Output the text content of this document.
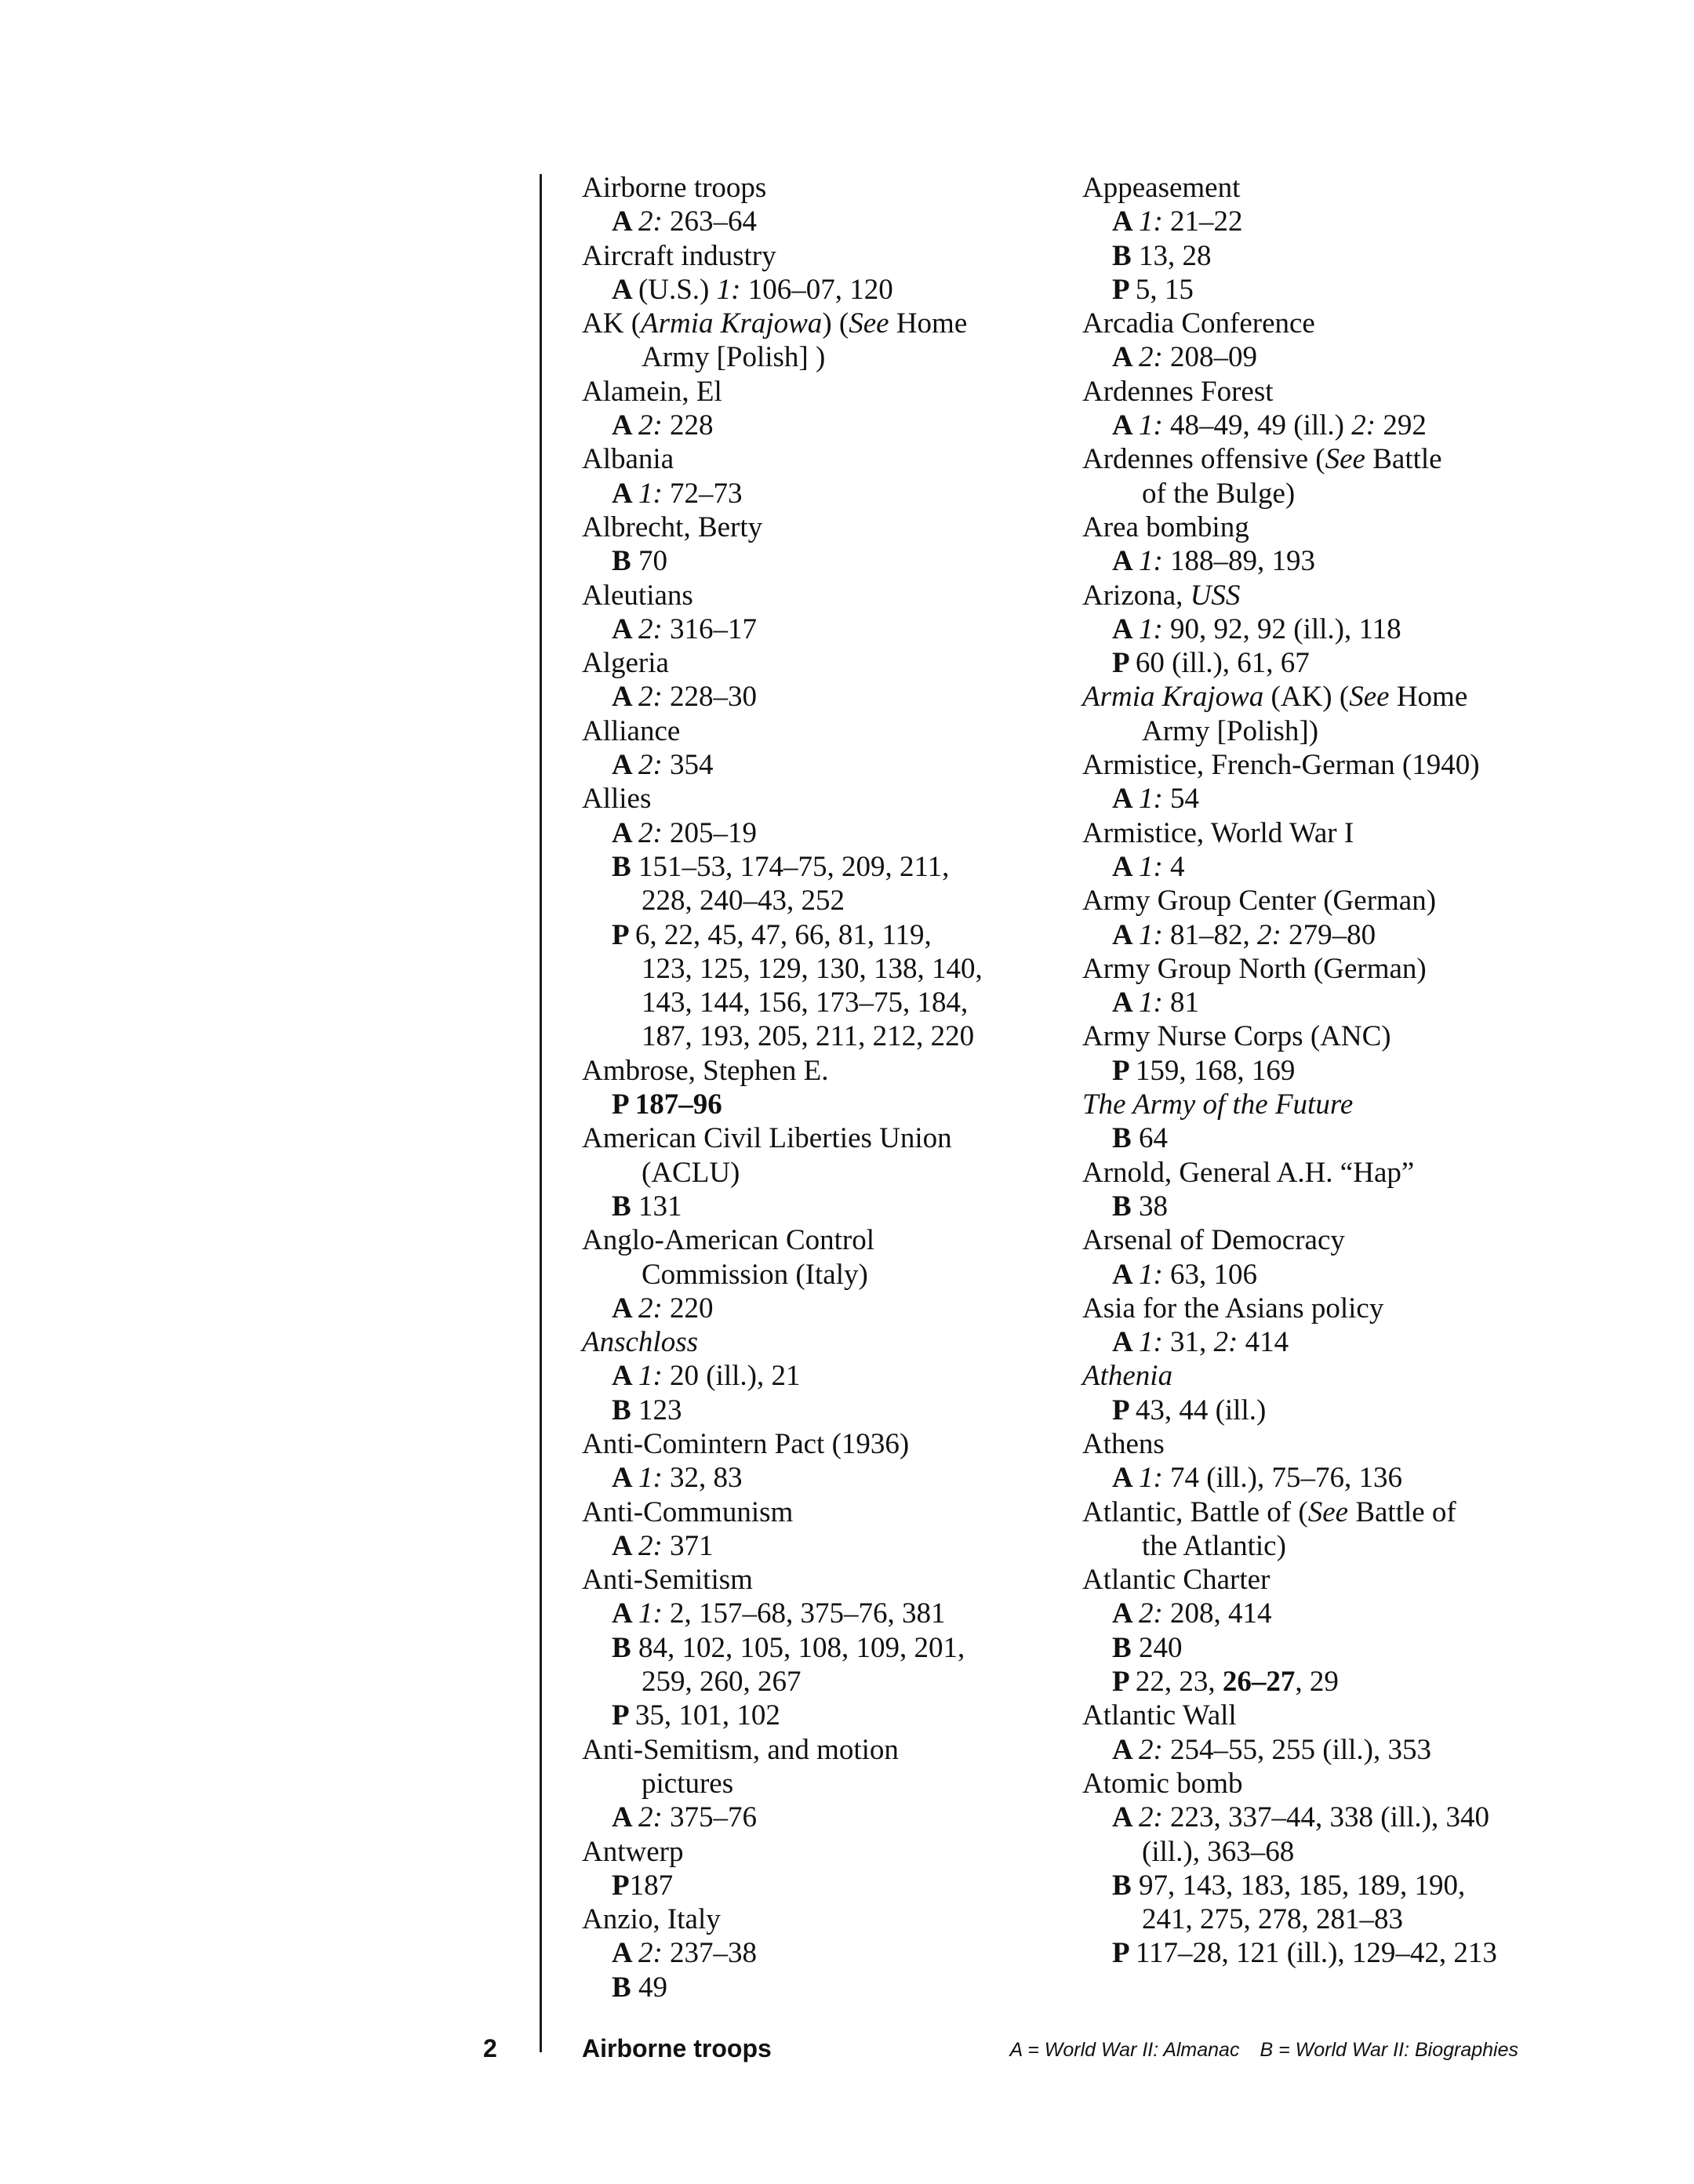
Airborne troops
A 2: 263–64
Aircraft industry
A (U.S.) 1: 106–07, 120
AK (Armia Krajowa) (See Home
Army [Polish] )
Alamein, El
A 2: 228
Albania
A 1: 72–73
Albrecht, Berty
B 70
Aleutians
A 2: 316–17
Algeria
A 2: 228–30
Alliance
A 2: 354
Allies
A 2: 205–19
B 151–53, 174–75, 209, 211,
228, 240–43, 252
P 6, 22, 45, 47, 66, 81, 119,
123, 125, 129, 130, 138, 140,
143, 144, 156, 173–75, 184,
187, 193, 205, 211, 212, 220
Ambrose, Stephen E.
P 187–96
American Civil Liberties Union
(ACLU)
B 131
Anglo-American Control
Commission (Italy)
A 2: 220
Anschloss
A 1: 20 (ill.), 21
B 123
Anti-Comintern Pact (1936)
A 1: 32, 83
Anti-Communism
A 2: 371
Anti-Semitism
A 1: 2, 157–68, 375–76, 381
B 84, 102, 105, 108, 109, 201,
259, 260, 267
P 35, 101, 102
Anti-Semitism, and motion
pictures
A 2: 375–76
Antwerp
P187
Anzio, Italy
A 2: 237–38
B 49
Appeasement
A 1: 21–22
B 13, 28
P 5, 15
Arcadia Conference
A 2: 208–09
Ardennes Forest
A 1: 48–49, 49 (ill.) 2: 292
Ardennes offensive (See Battle
of the Bulge)
Area bombing
A 1: 188–89, 193
Arizona, USS
A 1: 90, 92, 92 (ill.), 118
P 60 (ill.), 61, 67
Armia Krajowa (AK) (See Home
Army [Polish])
Armistice, French-German (1940)
A 1: 54
Armistice, World War I
A 1: 4
Army Group Center (German)
A 1: 81–82, 2: 279–80
Army Group North (German)
A 1: 81
Army Nurse Corps (ANC)
P 159, 168, 169
The Army of the Future
B 64
Arnold, General A.H. “Hap”
B 38
Arsenal of Democracy
A 1: 63, 106
Asia for the Asians policy
A 1: 31, 2: 414
Athenia
P 43, 44 (ill.)
Athens
A 1: 74 (ill.), 75–76, 136
Atlantic, Battle of (See Battle of
the Atlantic)
Atlantic Charter
A 2: 208, 414
B 240
P 22, 23, 26–27, 29
Atlantic Wall
A 2: 254–55, 255 (ill.), 353
Atomic bomb
A 2: 223, 337–44, 338 (ill.), 340
(ill.), 363–68
B 97, 143, 183, 185, 189, 190,
241, 275, 278, 281–83
P 117–28, 121 (ill.), 129–42, 213
2	Airborne troops	A = World War II: Almanac B = World War II: Biographies
